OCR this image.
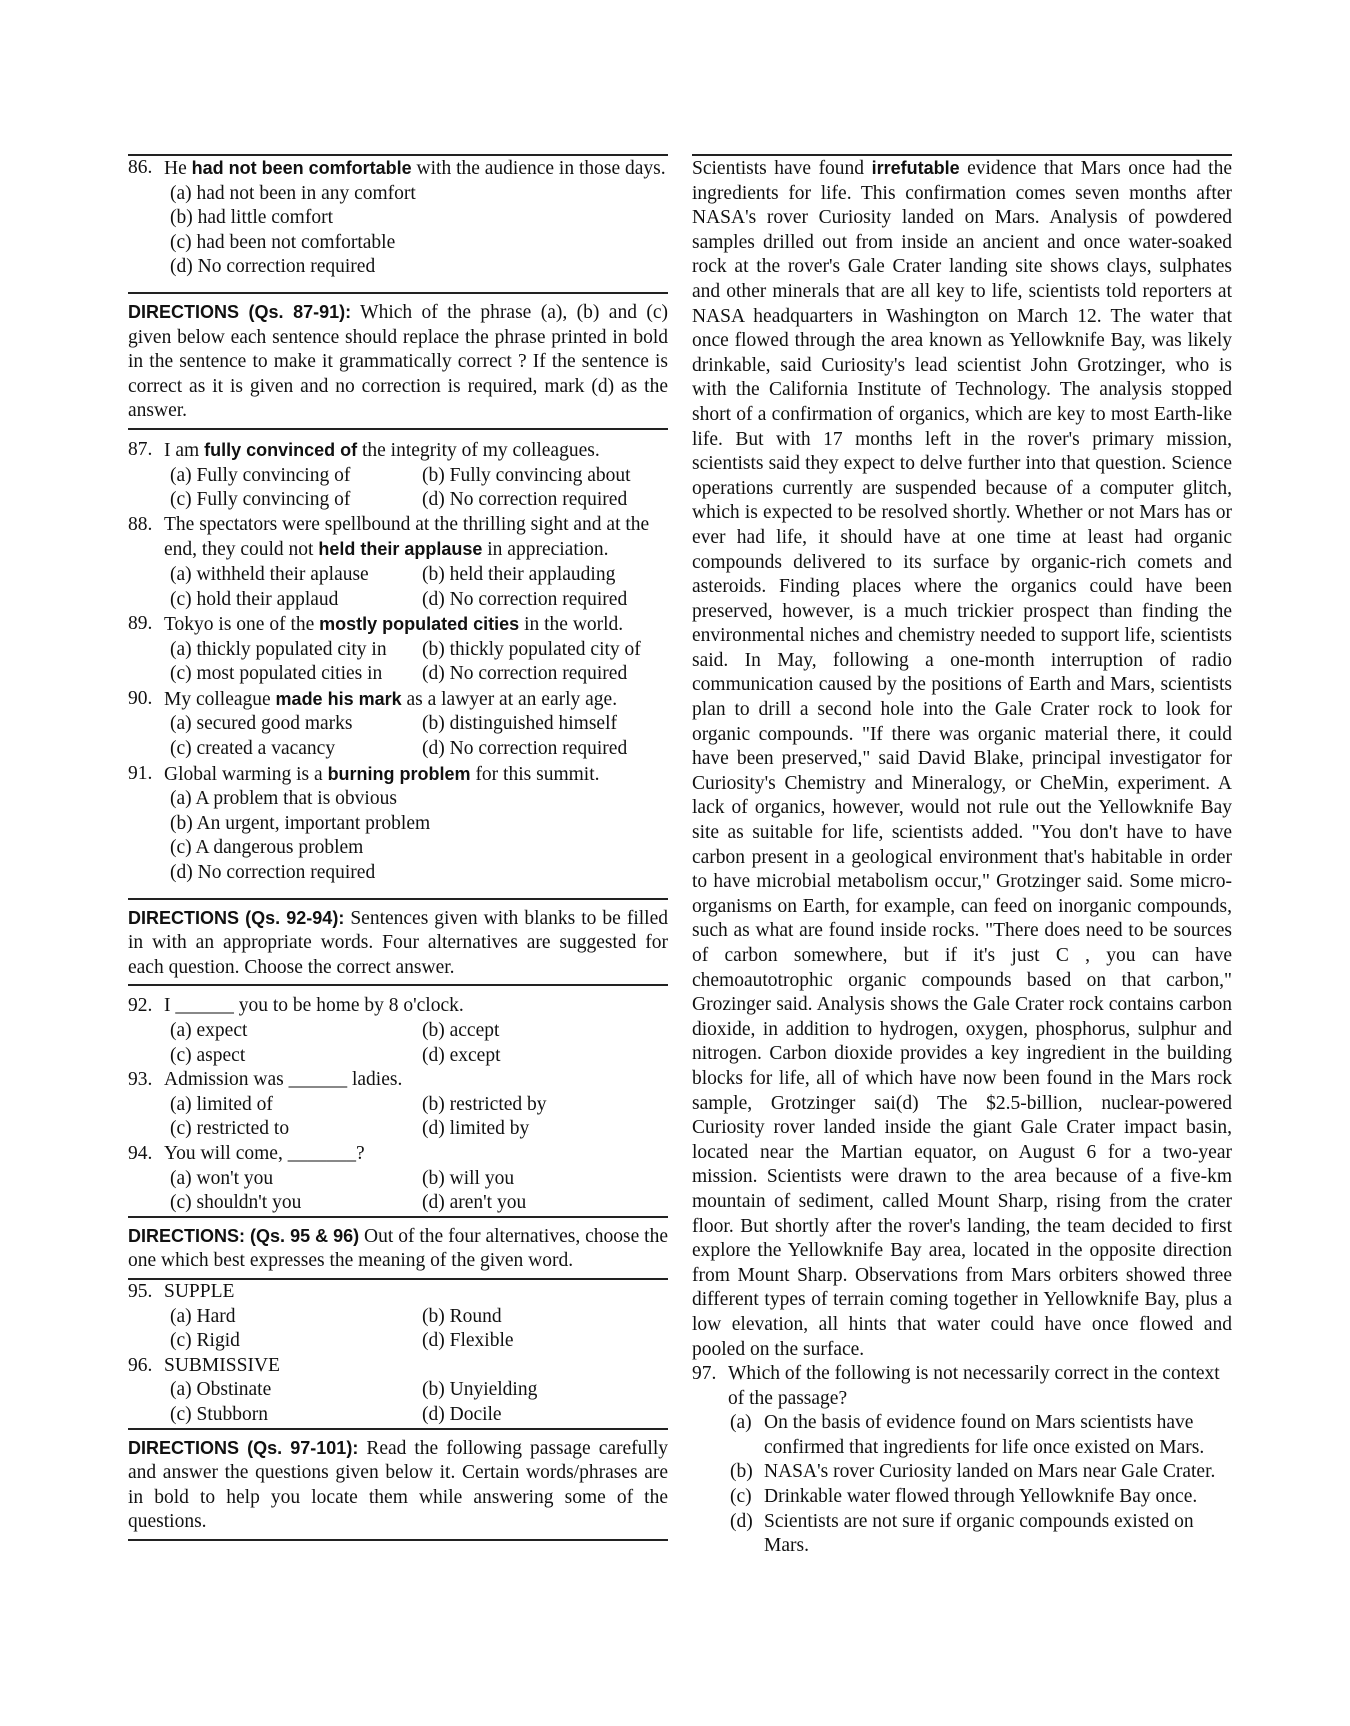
86. He had not been comfortable with the audience in those days.
(a) had not been in any comfort
(b) had little comfort
(c) had been not comfortable
(d) No correction required
DIRECTIONS (Qs. 87-91): Which of the phrase (a), (b) and (c) given below each sentence should replace the phrase printed in bold in the sentence to make it grammatically correct ? If the sentence is correct as it is given and no correction is required, mark (d) as the answer.
87. I am fully convinced of the integrity of my colleagues.
(a) Fully convincing of	(b) Fully convincing about
(c) Fully convincing of	(d) No correction required
88. The spectators were spellbound at the thrilling sight and at the end, they could not held their applause in appreciation.
(a) withheld their aplause	(b) held their applauding
(c) hold their applaud	(d) No correction required
89. Tokyo is one of the mostly populated cities in the world.
(a) thickly populated city in	(b) thickly populated city of
(c) most populated cities in	(d) No correction required
90. My colleague made his mark as a lawyer at an early age.
(a) secured good marks	(b) distinguished himself
(c) created a vacancy	(d) No correction required
91. Global warming is a burning problem for this summit.
(a) A problem that is obvious
(b) An urgent, important problem
(c) A dangerous problem
(d) No correction required
DIRECTIONS (Qs. 92-94): Sentences given with blanks to be filled in with an appropriate words. Four alternatives are suggested for each question. Choose the correct answer.
92. I ______ you to be home by 8 o'clock.
(a) expect	(b) accept
(c) aspect	(d) except
93. Admission was ______ ladies.
(a) limited of	(b) restricted by
(c) restricted to	(d) limited by
94. You will come, _______?
(a) won't you	(b) will you
(c) shouldn't you	(d) aren't you
DIRECTIONS: (Qs. 95 & 96) Out of the four alternatives, choose the one which best expresses the meaning of the given word.
95. SUPPLE
(a) Hard	(b) Round
(c) Rigid	(d) Flexible
96. SUBMISSIVE
(a) Obstinate	(b) Unyielding
(c) Stubborn	(d) Docile
DIRECTIONS (Qs. 97-101): Read the following passage carefully and answer the questions given below it. Certain words/phrases are in bold to help you locate them while answering some of the questions.
Scientists have found irrefutable evidence that Mars once had the ingredients for life. This confirmation comes seven months after NASA's rover Curiosity landed on Mars. Analysis of powdered samples drilled out from inside an ancient and once water-soaked rock at the rover's Gale Crater landing site shows clays, sulphates and other minerals that are all key to life, scientists told reporters at NASA headquarters in Washington on March 12. The water that once flowed through the area known as Yellowknife Bay, was likely drinkable, said Curiosity's lead scientist John Grotzinger, who is with the California Institute of Technology. The analysis stopped short of a confirmation of organics, which are key to most Earth-like life. But with 17 months left in the rover's primary mission, scientists said they expect to delve further into that question. Science operations currently are suspended because of a computer glitch, which is expected to be resolved shortly. Whether or not Mars has or ever had life, it should have at one time at least had organic compounds delivered to its surface by organic-rich comets and asteroids. Finding places where the organics could have been preserved, however, is a much trickier prospect than finding the environmental niches and chemistry needed to support life, scientists said. In May, following a one-month interruption of radio communication caused by the positions of Earth and Mars, scientists plan to drill a second hole into the Gale Crater rock to look for organic compounds. "If there was organic material there, it could have been preserved," said David Blake, principal investigator for Curiosity's Chemistry and Mineralogy, or CheMin, experiment. A lack of organics, however, would not rule out the Yellowknife Bay site as suitable for life, scientists added. "You don't have to have carbon present in a geological environment that's habitable in order to have microbial metabolism occur," Grotzinger said. Some micro-organisms on Earth, for example, can feed on inorganic compounds, such as what are found inside rocks. "There does need to be sources of carbon somewhere, but if it's just C , you can have chemoautotrophic organic compounds based on that carbon," Grozinger said. Analysis shows the Gale Crater rock contains carbon dioxide, in addition to hydrogen, oxygen, phosphorus, sulphur and nitrogen. Carbon dioxide provides a key ingredient in the building blocks for life, all of which have now been found in the Mars rock sample, Grotzinger sai(d) The $2.5-billion, nuclear-powered Curiosity rover landed inside the giant Gale Crater impact basin, located near the Martian equator, on August 6 for a two-year mission. Scientists were drawn to the area because of a five-km mountain of sediment, called Mount Sharp, rising from the crater floor. But shortly after the rover's landing, the team decided to first explore the Yellowknife Bay area, located in the opposite direction from Mount Sharp. Observations from Mars orbiters showed three different types of terrain coming together in Yellowknife Bay, plus a low elevation, all hints that water could have once flowed and pooled on the surface.
97. Which of the following is not necessarily correct in the context of the passage?
(a) On the basis of evidence found on Mars scientists have confirmed that ingredients for life once existed on Mars.
(b) NASA's rover Curiosity landed on Mars near Gale Crater.
(c) Drinkable water flowed through Yellowknife Bay once.
(d) Scientists are not sure if organic compounds existed on Mars.
